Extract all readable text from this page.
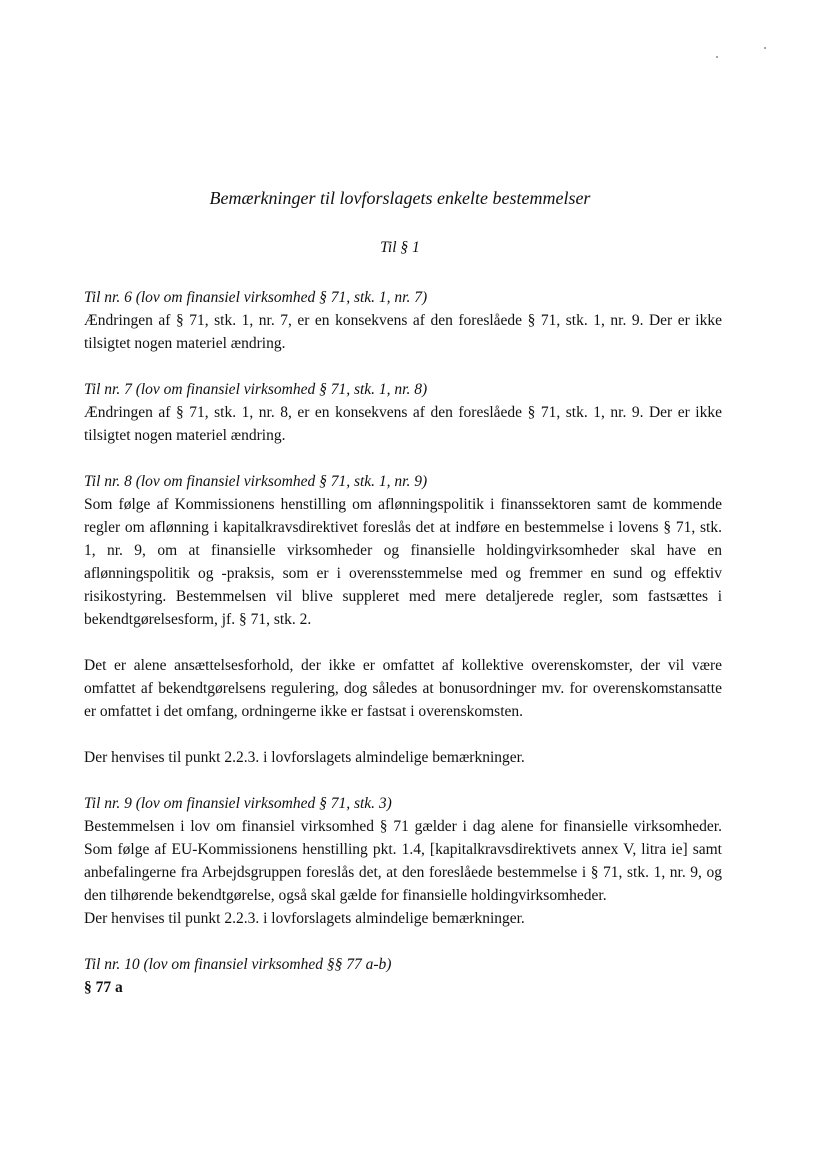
Bemærkninger til lovforslagets enkelte bestemmelser

Til § 1

Til nr. 6 (lov om finansiel virksomhed § 71, stk. 1, nr. 7)

Ændringen af § 71, stk. 1, nr. 7, er en konsekvens af den foreslåede § 71, stk. 1, nr. 9. Der er ikke tilsigtet nogen materiel ændring.

Til nr. 7 (lov om finansiel virksomhed § 71, stk. 1, nr. 8)

Ændringen af § 71, stk. 1, nr. 8, er en konsekvens af den foreslåede § 71, stk. 1, nr. 9. Der er ikke tilsigtet nogen materiel ændring.

Til nr. 8 (lov om finansiel virksomhed § 71, stk. 1, nr. 9)

Som følge af Kommissionens henstilling om aflønningspolitik i finanssektoren samt de kommende regler om aflønning i kapitalkravsdirektivet foreslås det at indføre en bestemmelse i lovens § 71, stk. 1, nr. 9, om at finansielle virksomheder og finansielle holdingvirksomheder skal have en aflønningspolitik og -praksis, som er i overensstemmelse med og fremmer en sund og effektiv risikostyring. Bestemmelsen vil blive suppleret med mere detaljerede regler, som fastsættes i bekendtgørelsesform, jf. § 71, stk. 2.

Det er alene ansættelsesforhold, der ikke er omfattet af kollektive overenskomster, der vil være omfattet af bekendtgørelsens regulering, dog således at bonusordninger mv. for overenskomstansatte er omfattet i det omfang, ordningerne ikke er fastsat i overenskomsten.

Der henvises til punkt 2.2.3. i lovforslagets almindelige bemærkninger.

Til nr. 9 (lov om finansiel virksomhed § 71, stk. 3)

Bestemmelsen i lov om finansiel virksomhed § 71 gælder i dag alene for finansielle virksomheder. Som følge af EU-Kommissionens henstilling pkt. 1.4, [kapitalkravsdirektivets annex V, litra ie] samt anbefalingerne fra Arbejdsgruppen foreslås det, at den foreslåede bestemmelse i § 71, stk. 1, nr. 9, og den tilhørende bekendtgørelse, også skal gælde for finansielle holdingvirksomheder.

Der henvises til punkt 2.2.3. i lovforslagets almindelige bemærkninger.

Til nr. 10 (lov om finansiel virksomhed §§ 77 a-b)

§ 77 a
